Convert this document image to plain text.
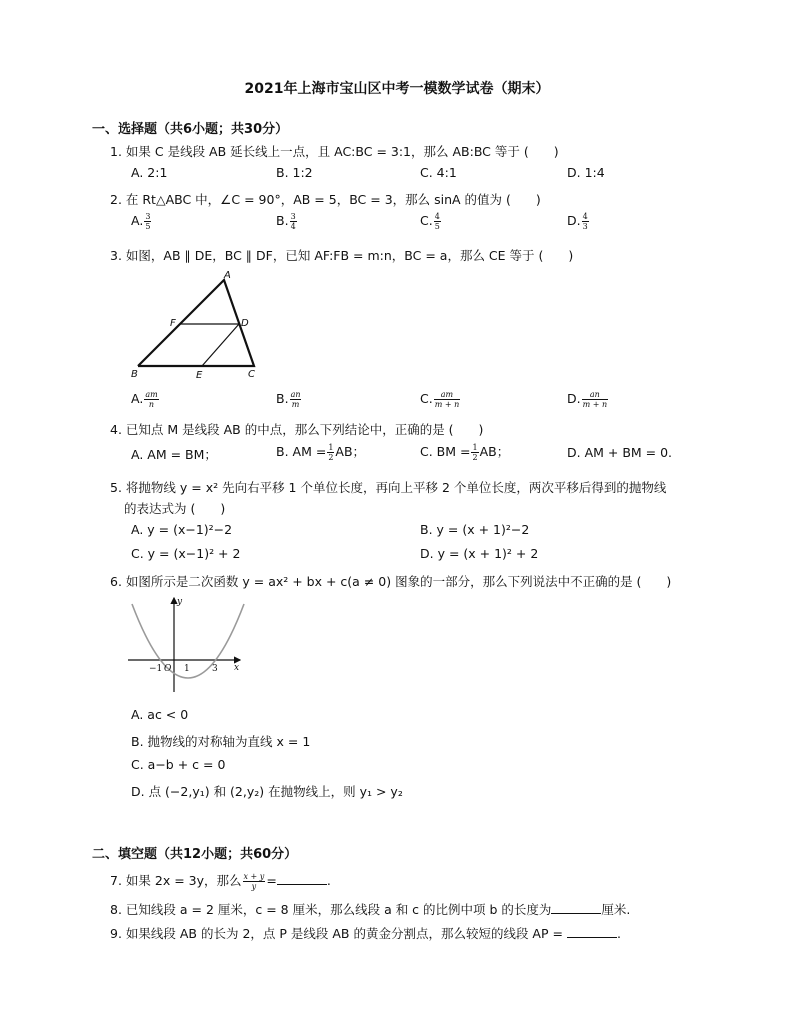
2021年上海市宝山区中考一模数学试卷（期末）
一、选择题（共6小题；共30分）
1. 如果 C 是线段 AB 延长线上一点，且 AC:BC = 3:1，那么 AB:BC 等于 (　　)
A. 2:1	B. 1:2	C. 4:1	D. 1:4
2. 在 Rt△ABC 中，∠C = 90°，AB = 5，BC = 3，那么 sinA 的值为 (　　)
A. $\frac{3}{5}$	B. $\frac{3}{4}$	C. $\frac{4}{5}$	D. $\frac{4}{3}$
3. 如图，AB ∥ DE，BC ∥ DF，已知 AF:FB = m:n，BC = a，那么 CE 等于 (　　)
A
B	C
D
E
F
A. $\frac{am}{n}$	B. $\frac{an}{m}$	C. $\frac{am}{m + n}$	D. $\frac{an}{m + n}$
4. 已知点 M 是线段 AB 的中点，那么下列结论中，正确的是 (　　)
A. AM = BM；	B. AM = $\frac{1}{2}$ AB；	C. BM = $\frac{1}{2}$ AB；	D. AM + BM = 0.
5. 将抛物线 y = x² 先向右平移 1 个单位长度，再向上平移 2 个单位长度，两次平移后得到的抛物线
的表达式为 (　　)
A. y = (x−1)²−2	B. y = (x + 1)²−2
C. y = (x−1)² + 2	D. y = (x + 1)² + 2
6. 如图所示是二次函数 y = ax² + bx + c(a ≠ 0) 图象的一部分，那么下列说法中不正确的是 (　　)
y
x
−1 O 1 3
A. ac < 0
B. 抛物线的对称轴为直线 x = 1
C. a−b + c = 0
D. 点 (−2,y₁) 和 (2,y₂) 在抛物线上，则 y₁ > y₂
二、填空题（共12小题；共60分）
7. 如果 2x = 3y，那么 $\frac{x + y}{y}$ =	.
8. 已知线段 a = 2 厘米，c = 8 厘米，那么线段 a 和 c 的比例中项 b 的长度为	厘米.
9. 如果线段 AB 的长为 2，点 P 是线段 AB 的黄金分割点，那么较短的线段 AP =	.
